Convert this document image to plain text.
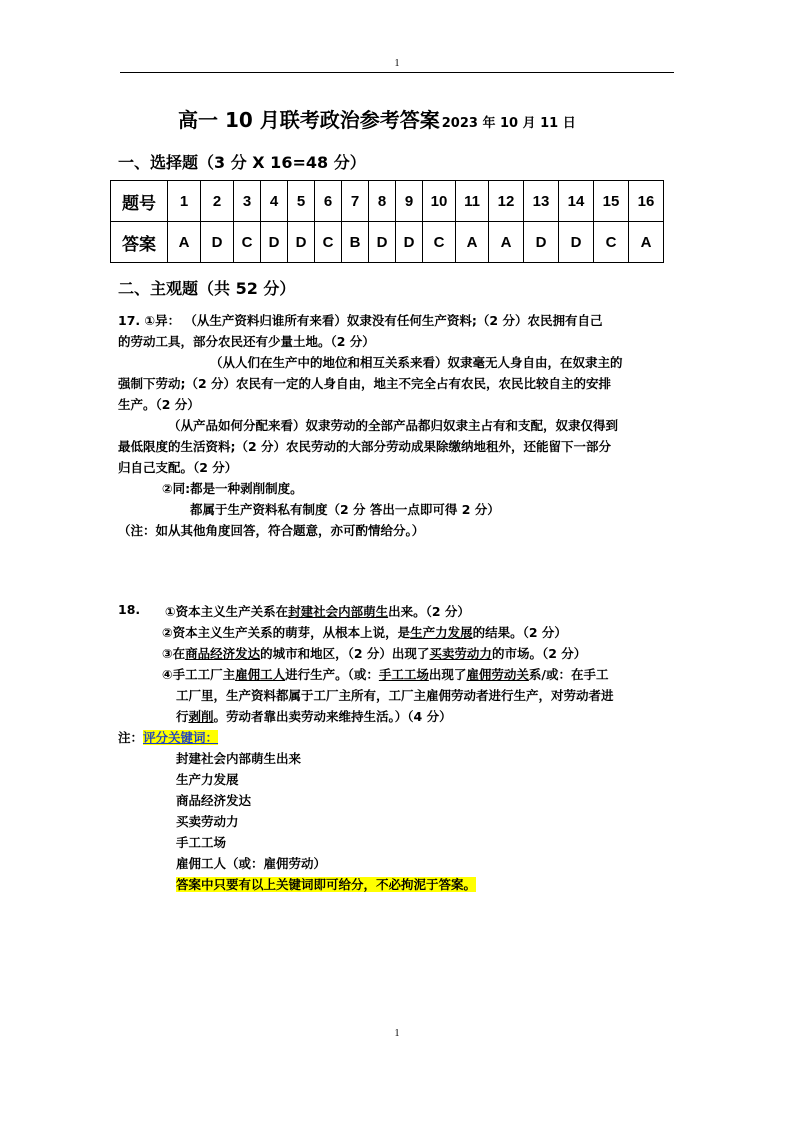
1
高一 10 月联考政治参考答案 2023 年 10 月 11 日
一、选择题（3 分 X 16=48 分）
题号	1	2	3	4	5	6	7	8	9	10	11	12	13	14	15	16
答案	A	D	C	D	D	C	B	D	D	C	A	A	D	D	C	A
二、主观题（共 52 分）
17. ①异： （从生产资料归谁所有来看）奴隶没有任何生产资料;（2 分）农民拥有自己
的劳动工具，部分农民还有少量土地。（2 分）
（从人们在生产中的地位和相互关系来看）奴隶毫无人身自由，在奴隶主的
强制下劳动;（2 分）农民有一定的人身自由，地主不完全占有农民，农民比较自主的安排
生产。（2 分）
（从产品如何分配来看）奴隶劳动的全部产品都归奴隶主占有和支配，奴隶仅得到
最低限度的生活资料;（2 分）农民劳动的大部分劳动成果除缴纳地租外，还能留下一部分
归自己支配。（2 分）
②同:都是一种剥削制度。
都属于生产资料私有制度（2 分 答出一点即可得 2 分）
（注：如从其他角度回答，符合题意，亦可酌情给分。）
18. ①资本主义生产关系在封建社会内部萌生出来。（2 分）
②资本主义生产关系的萌芽，从根本上说，是生产力发展的结果。（2 分）
③在商品经济发达的城市和地区，（2 分）出现了买卖劳动力的市场。（2 分）
④手工工厂主雇佣工人进行生产。（或：手工工场出现了雇佣劳动关系/或：在手工
工厂里，生产资料都属于工厂主所有，工厂主雇佣劳动者进行生产，对劳动者进
行剥削。劳动者靠出卖劳动来维持生活。）（4 分）
注：评分关键词：
封建社会内部萌生出来
生产力发展
商品经济发达
买卖劳动力
手工工场
雇佣工人（或：雇佣劳动）
答案中只要有以上关键词即可给分，不必拘泥于答案。
1
